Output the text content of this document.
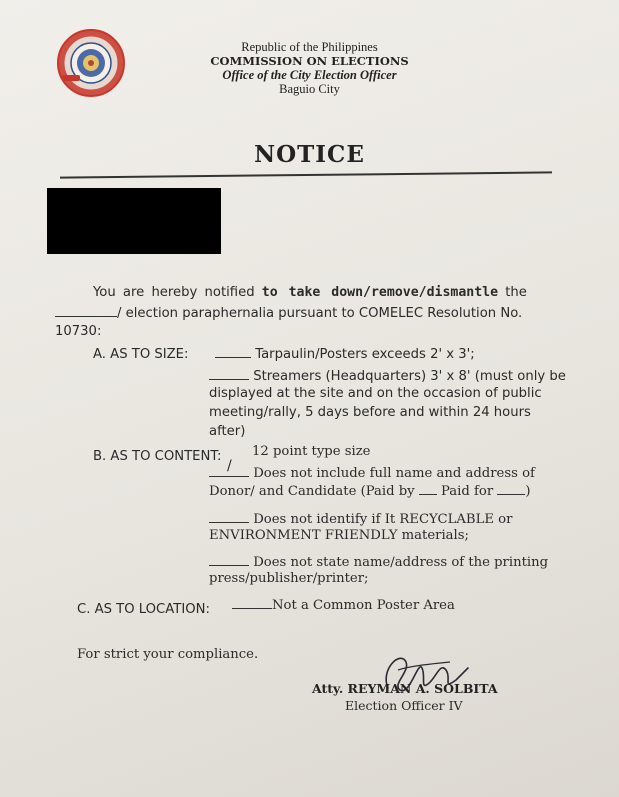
Republic of the Philippines
COMMISSION ON ELECTIONS
Office of the City Election Officer
Baguio City
NOTICE
You are hereby notified to take down/remove/dismantle the
/ election paraphernalia pursuant to COMELEC Resolution No.
10730:
A. AS TO SIZE:	Tarpaulin/Posters exceeds 2' x 3';
Streamers (Headquarters) 3' x 8' (must only be
displayed at the site and on the occasion of public
meeting/rally, 5 days before and within 24 hours
after)
B. AS TO CONTENT: 12 point type size
/ Does not include full name and address of
Donor/ and Candidate (Paid by Paid for )
Does not identify if It RECYCLABLE or
ENVIRONMENT FRIENDLY materials;
Does not state name/address of the printing
press/publisher/printer;
C. AS TO LOCATION:	Not a Common Poster Area
For strict your compliance.
Atty. REYMAN A. SOLBITA
Election Officer IV
